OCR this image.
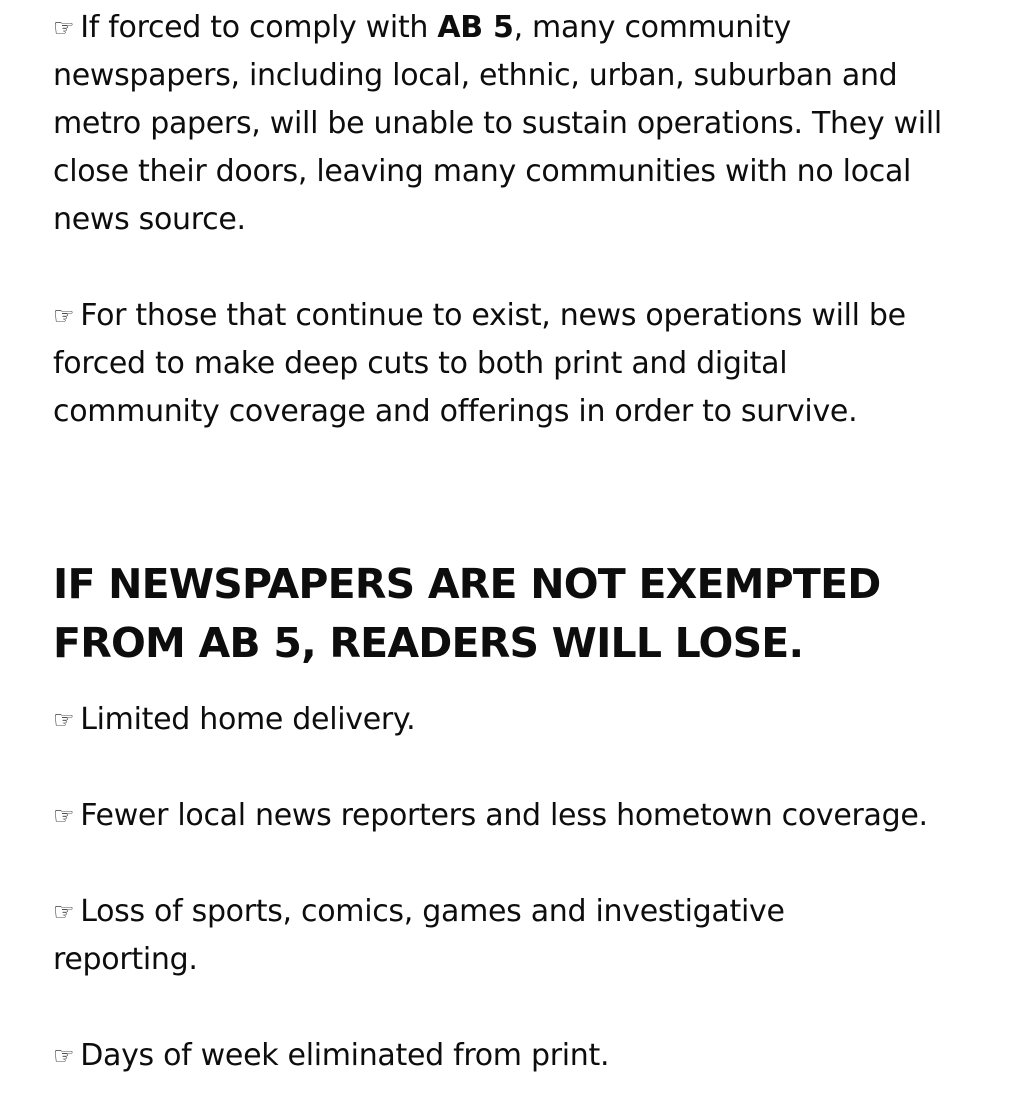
☞ If forced to comply with AB 5, many community newspapers, including local, ethnic, urban, suburban and metro papers, will be unable to sustain operations. They will close their doors, leaving many communities with no local news source.

☞ For those that continue to exist, news operations will be forced to make deep cuts to both print and digital community coverage and offerings in order to survive.

IF NEWSPAPERS ARE NOT EXEMPTED
FROM AB 5, READERS WILL LOSE.

☞ Limited home delivery.

☞ Fewer local news reporters and less hometown coverage.

☞ Loss of sports, comics, games and investigative reporting.

☞ Days of week eliminated from print.
